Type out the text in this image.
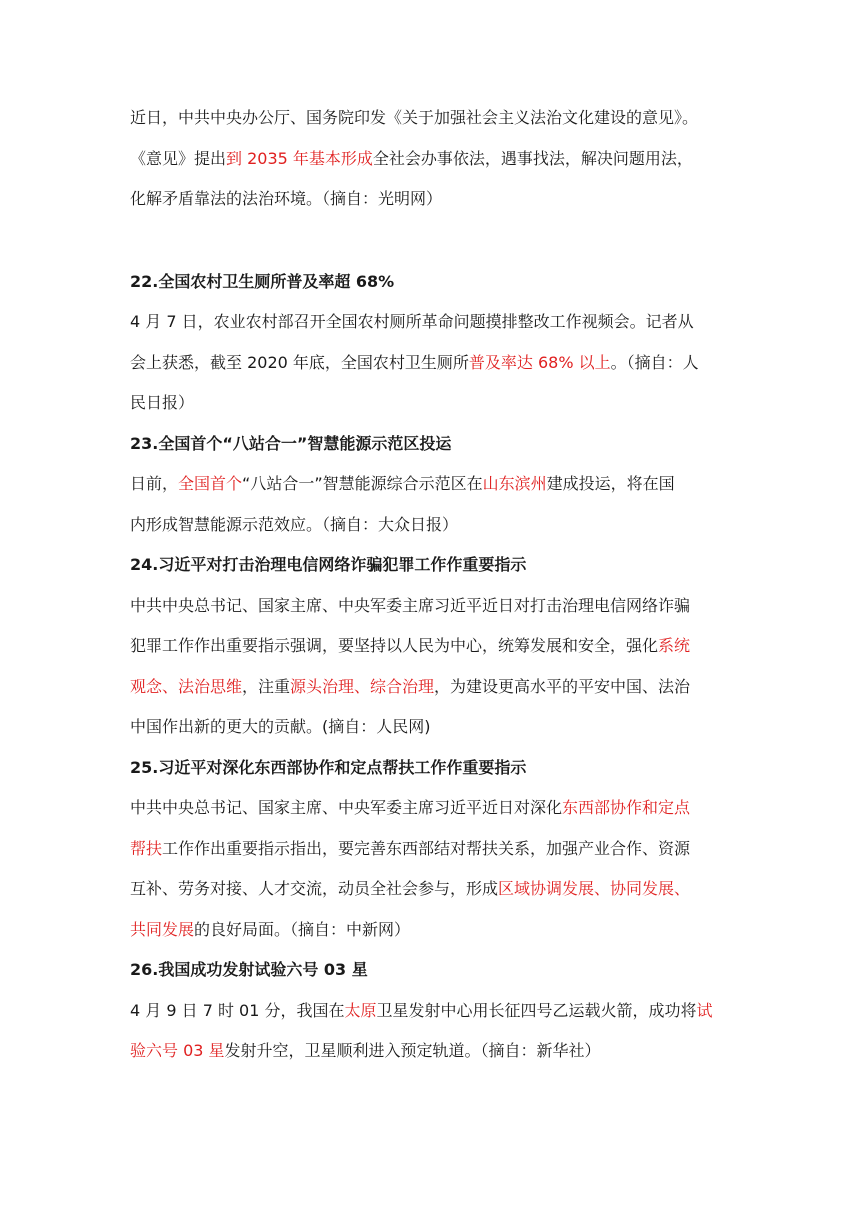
近日，中共中央办公厅、国务院印发《关于加强社会主义法治文化建设的意见》。
《意见》提出到 2035 年基本形成全社会办事依法，遇事找法，解决问题用法，
化解矛盾靠法的法治环境。（摘自：光明网）

22.全国农村卫生厕所普及率超 68%

4 月 7 日，农业农村部召开全国农村厕所革命问题摸排整改工作视频会。记者从
会上获悉，截至 2020 年底，全国农村卫生厕所普及率达 68% 以上。（摘自：人
民日报）

23.全国首个“八站合一”智慧能源示范区投运

日前，全国首个“八站合一”智慧能源综合示范区在山东滨州建成投运，将在国
内形成智慧能源示范效应。（摘自：大众日报）

24.习近平对打击治理电信网络诈骗犯罪工作作重要指示

中共中央总书记、国家主席、中央军委主席习近平近日对打击治理电信网络诈骗
犯罪工作作出重要指示强调，要坚持以人民为中心，统筹发展和安全，强化系统
观念、法治思维，注重源头治理、综合治理，为建设更高水平的平安中国、法治
中国作出新的更大的贡献。(摘自：人民网)

25.习近平对深化东西部协作和定点帮扶工作作重要指示

中共中央总书记、国家主席、中央军委主席习近平近日对深化东西部协作和定点
帮扶工作作出重要指示指出，要完善东西部结对帮扶关系，加强产业合作、资源
互补、劳务对接、人才交流，动员全社会参与，形成区域协调发展、协同发展、
共同发展的良好局面。（摘自：中新网）

26.我国成功发射试验六号 03 星

4 月 9 日 7 时 01 分，我国在太原卫星发射中心用长征四号乙运载火箭，成功将试
验六号 03 星发射升空，卫星顺利进入预定轨道。（摘自：新华社）
